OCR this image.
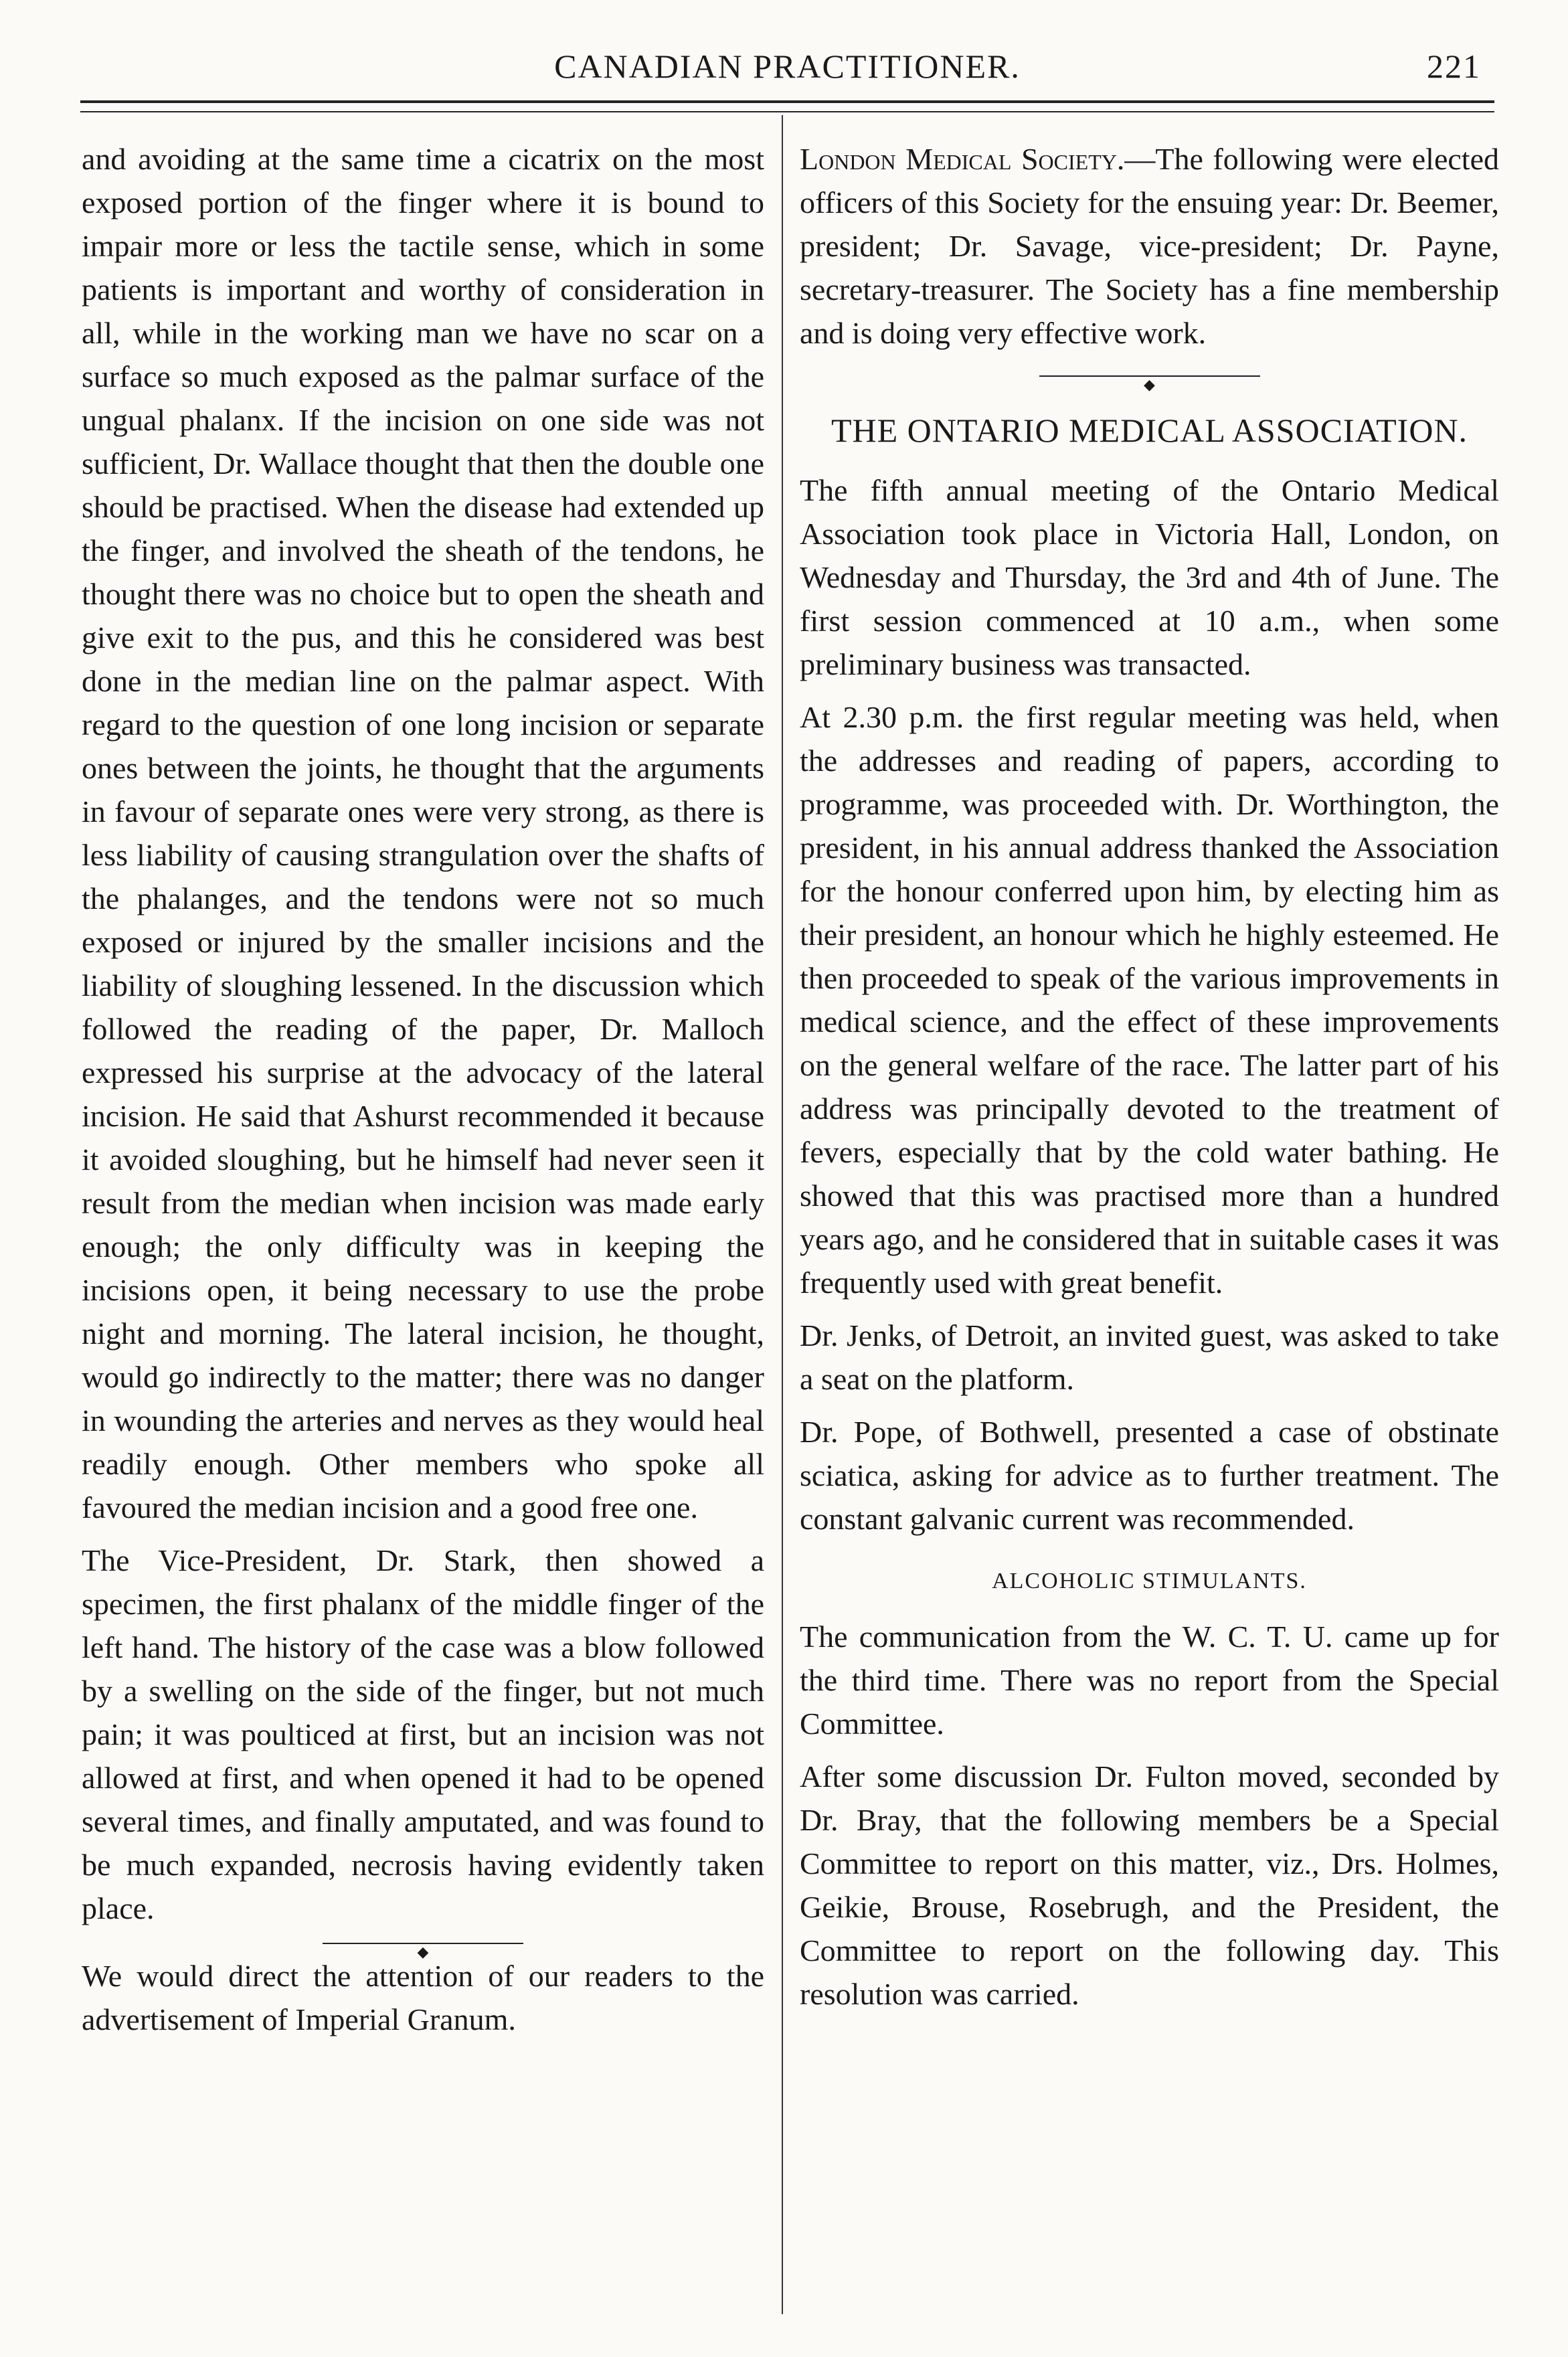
CANADIAN PRACTITIONER.	221

and avoiding at the same time a cicatrix on the most exposed portion of the finger where it is bound to impair more or less the tactile sense, which in some patients is important and worthy of consideration in all, while in the working man we have no scar on a surface so much exposed as the palmar surface of the ungual phalanx. If the incision on one side was not sufficient, Dr. Wallace thought that then the double one should be practised. When the disease had extended up the finger, and involved the sheath of the tendons, he thought there was no choice but to open the sheath and give exit to the pus, and this he considered was best done in the median line on the palmar aspect. With regard to the question of one long incision or separate ones between the joints, he thought that the arguments in favour of separate ones were very strong, as there is less liability of causing strangulation over the shafts of the phalanges, and the tendons were not so much exposed or injured by the smaller incisions and the liability of sloughing lessened. In the discussion which followed the reading of the paper, Dr. Malloch expressed his surprise at the advocacy of the lateral incision. He said that Ashurst recommended it because it avoided sloughing, but he himself had never seen it result from the median when incision was made early enough; the only difficulty was in keeping the incisions open, it being necessary to use the probe night and morning. The lateral incision, he thought, would go indirectly to the matter; there was no danger in wounding the arteries and nerves as they would heal readily enough. Other members who spoke all favoured the median incision and a good free one.

The Vice-President, Dr. Stark, then showed a specimen, the first phalanx of the middle finger of the left hand. The history of the case was a blow followed by a swelling on the side of the finger, but not much pain; it was poulticed at first, but an incision was not allowed at first, and when opened it had to be opened several times, and finally amputated, and was found to be much expanded, necrosis having evidently taken place.

◆

We would direct the attention of our readers to the advertisement of Imperial Granum.

London Medical Society.—The following were elected officers of this Society for the ensuing year: Dr. Beemer, president; Dr. Savage, vice-president; Dr. Payne, secretary-treasurer. The Society has a fine membership and is doing very effective work.

◆
THE ONTARIO MEDICAL ASSOCIATION.

The fifth annual meeting of the Ontario Medical Association took place in Victoria Hall, London, on Wednesday and Thursday, the 3rd and 4th of June. The first session commenced at 10 a.m., when some preliminary business was transacted.

At 2.30 p.m. the first regular meeting was held, when the addresses and reading of papers, according to programme, was proceeded with. Dr. Worthington, the president, in his annual address thanked the Association for the honour conferred upon him, by electing him as their president, an honour which he highly esteemed. He then proceeded to speak of the various improvements in medical science, and the effect of these improvements on the general welfare of the race. The latter part of his address was principally devoted to the treatment of fevers, especially that by the cold water bathing. He showed that this was practised more than a hundred years ago, and he considered that in suitable cases it was frequently used with great benefit.

Dr. Jenks, of Detroit, an invited guest, was asked to take a seat on the platform.

Dr. Pope, of Bothwell, presented a case of obstinate sciatica, asking for advice as to further treatment. The constant galvanic current was recommended.

ALCOHOLIC STIMULANTS.

The communication from the W. C. T. U. came up for the third time. There was no report from the Special Committee.

After some discussion Dr. Fulton moved, seconded by Dr. Bray, that the following members be a Special Committee to report on this matter, viz., Drs. Holmes, Geikie, Brouse, Rosebrugh, and the President, the Committee to report on the following day. This resolution was carried.
